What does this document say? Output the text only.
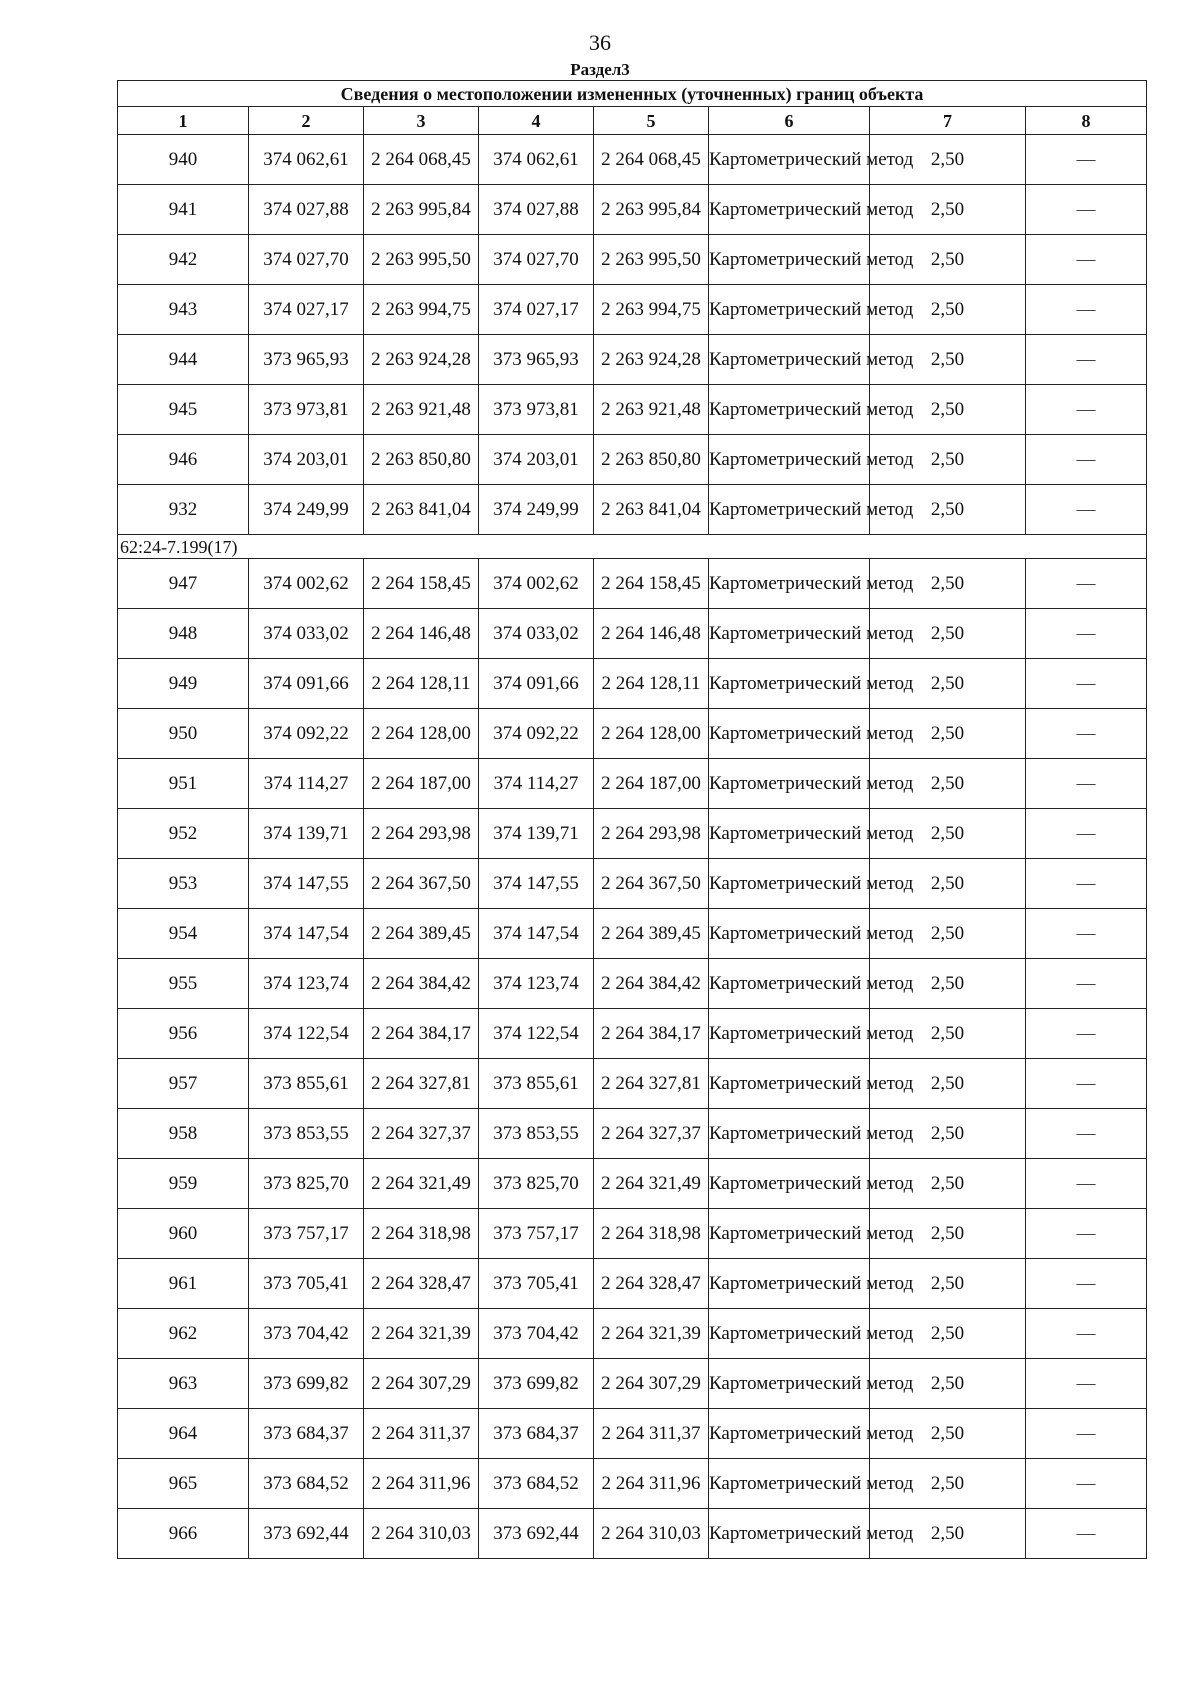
36
Раздел3
Сведения о местоположении измененных (уточненных) границ объекта							
1	2	3	4	5	6	7	8
940	374 062,61	2 264 068,45	374 062,61	2 264 068,45	Картометрический метод	2,50	—
941	374 027,88	2 263 995,84	374 027,88	2 263 995,84	Картометрический метод	2,50	—
942	374 027,70	2 263 995,50	374 027,70	2 263 995,50	Картометрический метод	2,50	—
943	374 027,17	2 263 994,75	374 027,17	2 263 994,75	Картометрический метод	2,50	—
944	373 965,93	2 263 924,28	373 965,93	2 263 924,28	Картометрический метод	2,50	—
945	373 973,81	2 263 921,48	373 973,81	2 263 921,48	Картометрический метод	2,50	—
946	374 203,01	2 263 850,80	374 203,01	2 263 850,80	Картометрический метод	2,50	—
932	374 249,99	2 263 841,04	374 249,99	2 263 841,04	Картометрический метод	2,50	—
62:24-7.199(17)							
947	374 002,62	2 264 158,45	374 002,62	2 264 158,45	Картометрический метод	2,50	—
948	374 033,02	2 264 146,48	374 033,02	2 264 146,48	Картометрический метод	2,50	—
949	374 091,66	2 264 128,11	374 091,66	2 264 128,11	Картометрический метод	2,50	—
950	374 092,22	2 264 128,00	374 092,22	2 264 128,00	Картометрический метод	2,50	—
951	374 114,27	2 264 187,00	374 114,27	2 264 187,00	Картометрический метод	2,50	—
952	374 139,71	2 264 293,98	374 139,71	2 264 293,98	Картометрический метод	2,50	—
953	374 147,55	2 264 367,50	374 147,55	2 264 367,50	Картометрический метод	2,50	—
954	374 147,54	2 264 389,45	374 147,54	2 264 389,45	Картометрический метод	2,50	—
955	374 123,74	2 264 384,42	374 123,74	2 264 384,42	Картометрический метод	2,50	—
956	374 122,54	2 264 384,17	374 122,54	2 264 384,17	Картометрический метод	2,50	—
957	373 855,61	2 264 327,81	373 855,61	2 264 327,81	Картометрический метод	2,50	—
958	373 853,55	2 264 327,37	373 853,55	2 264 327,37	Картометрический метод	2,50	—
959	373 825,70	2 264 321,49	373 825,70	2 264 321,49	Картометрический метод	2,50	—
960	373 757,17	2 264 318,98	373 757,17	2 264 318,98	Картометрический метод	2,50	—
961	373 705,41	2 264 328,47	373 705,41	2 264 328,47	Картометрический метод	2,50	—
962	373 704,42	2 264 321,39	373 704,42	2 264 321,39	Картометрический метод	2,50	—
963	373 699,82	2 264 307,29	373 699,82	2 264 307,29	Картометрический метод	2,50	—
964	373 684,37	2 264 311,37	373 684,37	2 264 311,37	Картометрический метод	2,50	—
965	373 684,52	2 264 311,96	373 684,52	2 264 311,96	Картометрический метод	2,50	—
966	373 692,44	2 264 310,03	373 692,44	2 264 310,03	Картометрический метод	2,50	—
